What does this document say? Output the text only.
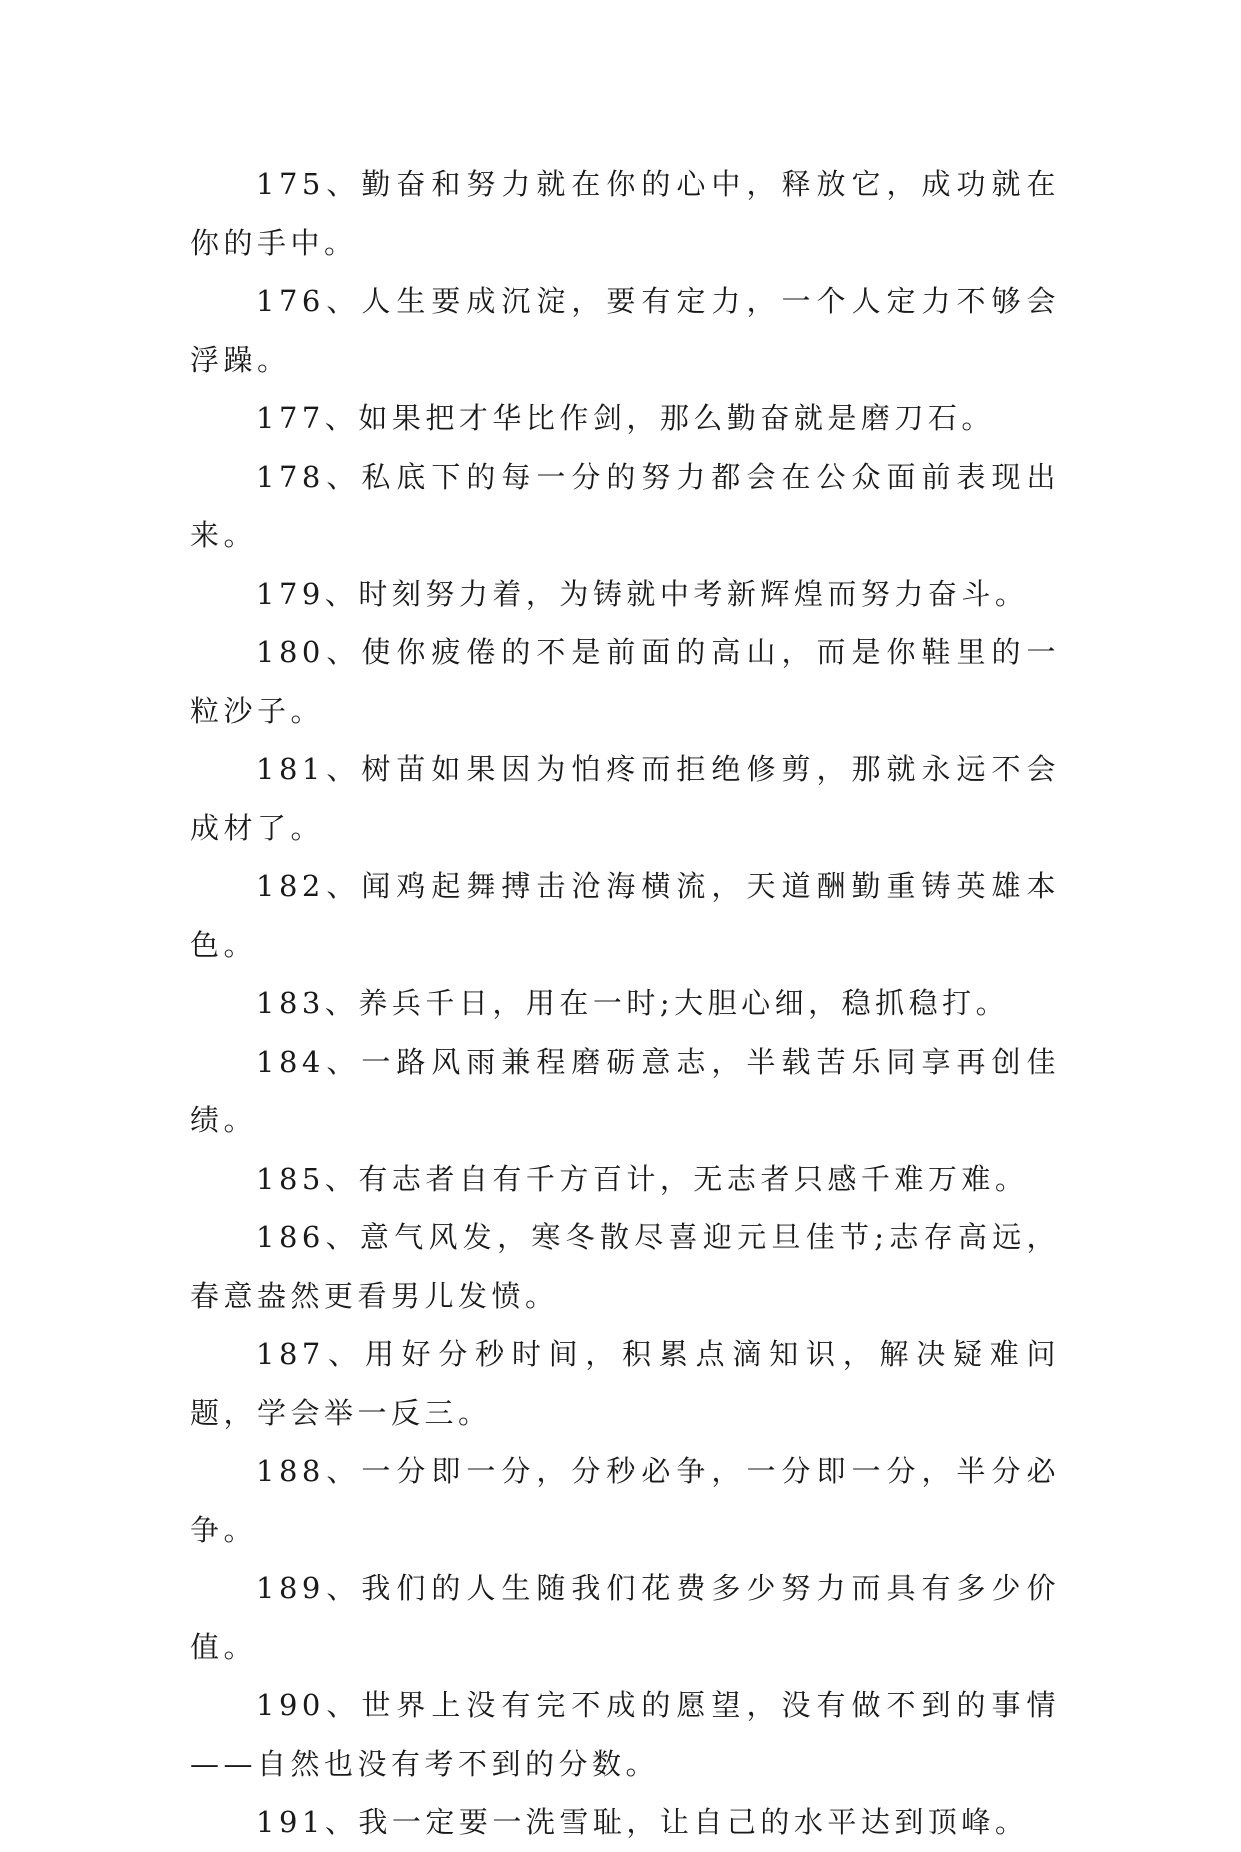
175、勤奋和努力就在你的心中，释放它，成功就在你的手中。

176、人生要成沉淀，要有定力，一个人定力不够会浮躁。

177、如果把才华比作剑，那么勤奋就是磨刀石。

178、私底下的每一分的努力都会在公众面前表现出来。

179、时刻努力着，为铸就中考新辉煌而努力奋斗。

180、使你疲倦的不是前面的高山，而是你鞋里的一粒沙子。

181、树苗如果因为怕疼而拒绝修剪，那就永远不会成材了。

182、闻鸡起舞搏击沧海横流，天道酬勤重铸英雄本色。

183、养兵千日，用在一时;大胆心细，稳抓稳打。

184、一路风雨兼程磨砺意志，半载苦乐同享再创佳绩。

185、有志者自有千方百计，无志者只感千难万难。

186、意气风发，寒冬散尽喜迎元旦佳节;志存高远，春意盎然更看男儿发愤。

187、用好分秒时间，积累点滴知识，解决疑难问题，学会举一反三。

188、一分即一分，分秒必争，一分即一分，半分必争。

189、我们的人生随我们花费多少努力而具有多少价值。

190、世界上没有完不成的愿望，没有做不到的事情——自然也没有考不到的分数。

191、我一定要一洗雪耻，让自己的水平达到顶峰。
